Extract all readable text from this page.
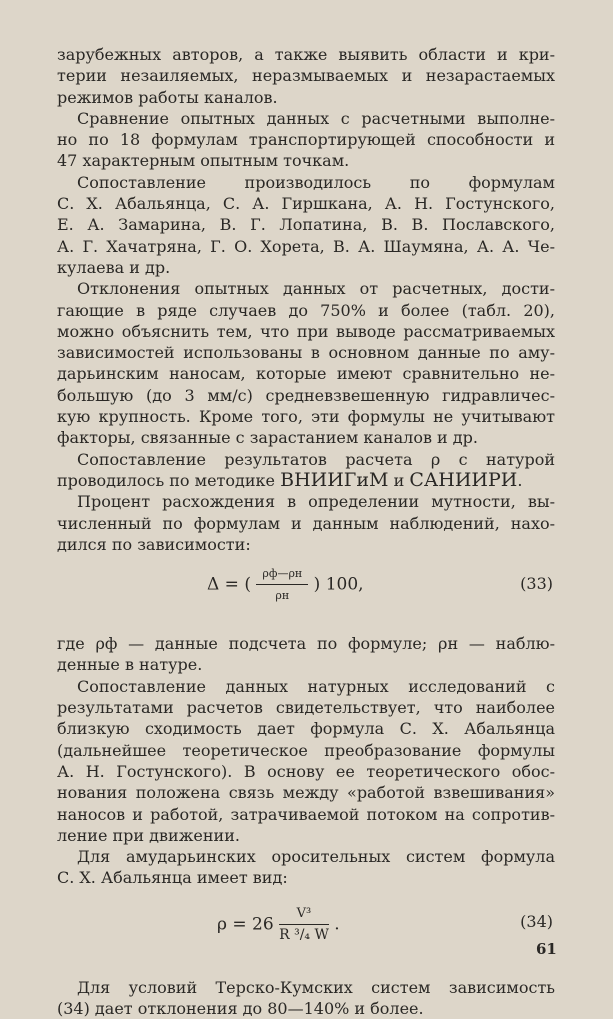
зарубежных авторов, а также выявить области и кри-
терии незаиляемых, неразмываемых и незарастаемых
режимов работы каналов.

Сравнение опытных данных с расчетными выполне-
но по 18 формулам транспортирующей способности и
47 характерным опытным точкам.

Сопоставление производилось по формулам
С. Х. Абальянца, С. А. Гиршкана, А. Н. Гостунского,
Е. А. Замарина, В. Г. Лопатина, В. В. Пославского,
А. Г. Хачатряна, Г. О. Хорета, В. А. Шаумяна, А. А. Че-
кулаева и др.

Отклонения опытных данных от расчетных, дости-
гающие в ряде случаев до 750% и более (табл. 20),
можно объяснить тем, что при выводе рассматриваемых
зависимостей использованы в основном данные по аму-
дарьинским наносам, которые имеют сравнительно не-
большую (до 3 мм/с) средневзвешенную гидравличес-
кую крупность. Кроме того, эти формулы не учитывают
факторы, связанные с зарастанием каналов и др.

Сопоставление результатов расчета ρ с натурой
проводилось по методике ВНИИГиМ и САНИИРИ.

Процент расхождения в определении мутности, вы-
численный по формулам и данным наблюдений, нахо-
дился по зависимости:

Δ = ( $\frac{\rho ф—\rho н}{\rho н}$ ) 100,	(33)

где ρф — данные подсчета по формуле; ρн — наблю-
денные в натуре.

Сопоставление данных натурных исследований с
результатами расчетов свидетельствует, что наиболее
близкую сходимость дает формула С. Х. Абальянца
(дальнейшее теоретическое преобразование формулы
А. Н. Гостунского). В основу ее теоретического обос-
нования положена связь между «работой взвешивания»
наносов и работой, затрачиваемой потоком на сопротив-
ление при движении.

Для амударьинских оросительных систем формула
С. Х. Абальянца имеет вид:

$\rho = 26 \frac{\text{V³}}{\text{R ³/₄ W}}$ .	(34)

Для условий Терско-Кумских систем зависимость
(34) дает отклонения до 80—140% и более.

61
